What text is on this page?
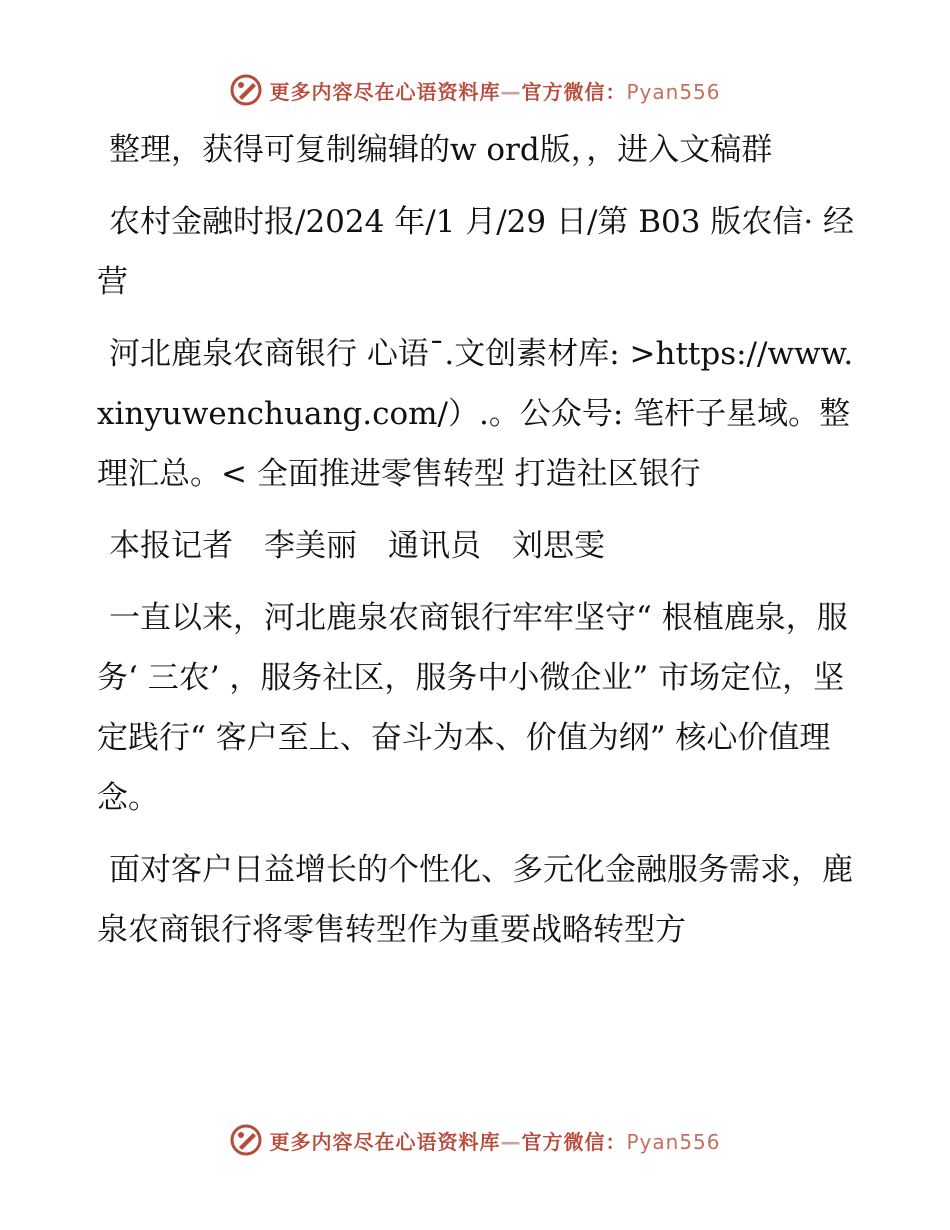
更多内容尽在心语资料库—官方微信：Pyan556

整理，获得可复制编辑的w ord版，，进入文稿群

农村金融时报/2024 年/1 月/29 日/第 B03 版农信· 经营

河北鹿泉农商银行 心语¯.文创素材库: >https://www.xinyuwenchuang.com/）.。公众号: 笔杆子星域。整理汇总。< 全面推进零售转型 打造社区银行

本报记者　李美丽　通讯员　刘思雯

一直以来，河北鹿泉农商银行牢牢坚守“ 根植鹿泉，服务‘ 三农’ ，服务社区，服务中小微企业” 市场定位，坚定践行“ 客户至上、奋斗为本、价值为纲” 核心价值理念。

面对客户日益增长的个性化、多元化金融服务需求，鹿泉农商银行将零售转型作为重要战略转型方

更多内容尽在心语资料库—官方微信：Pyan556
